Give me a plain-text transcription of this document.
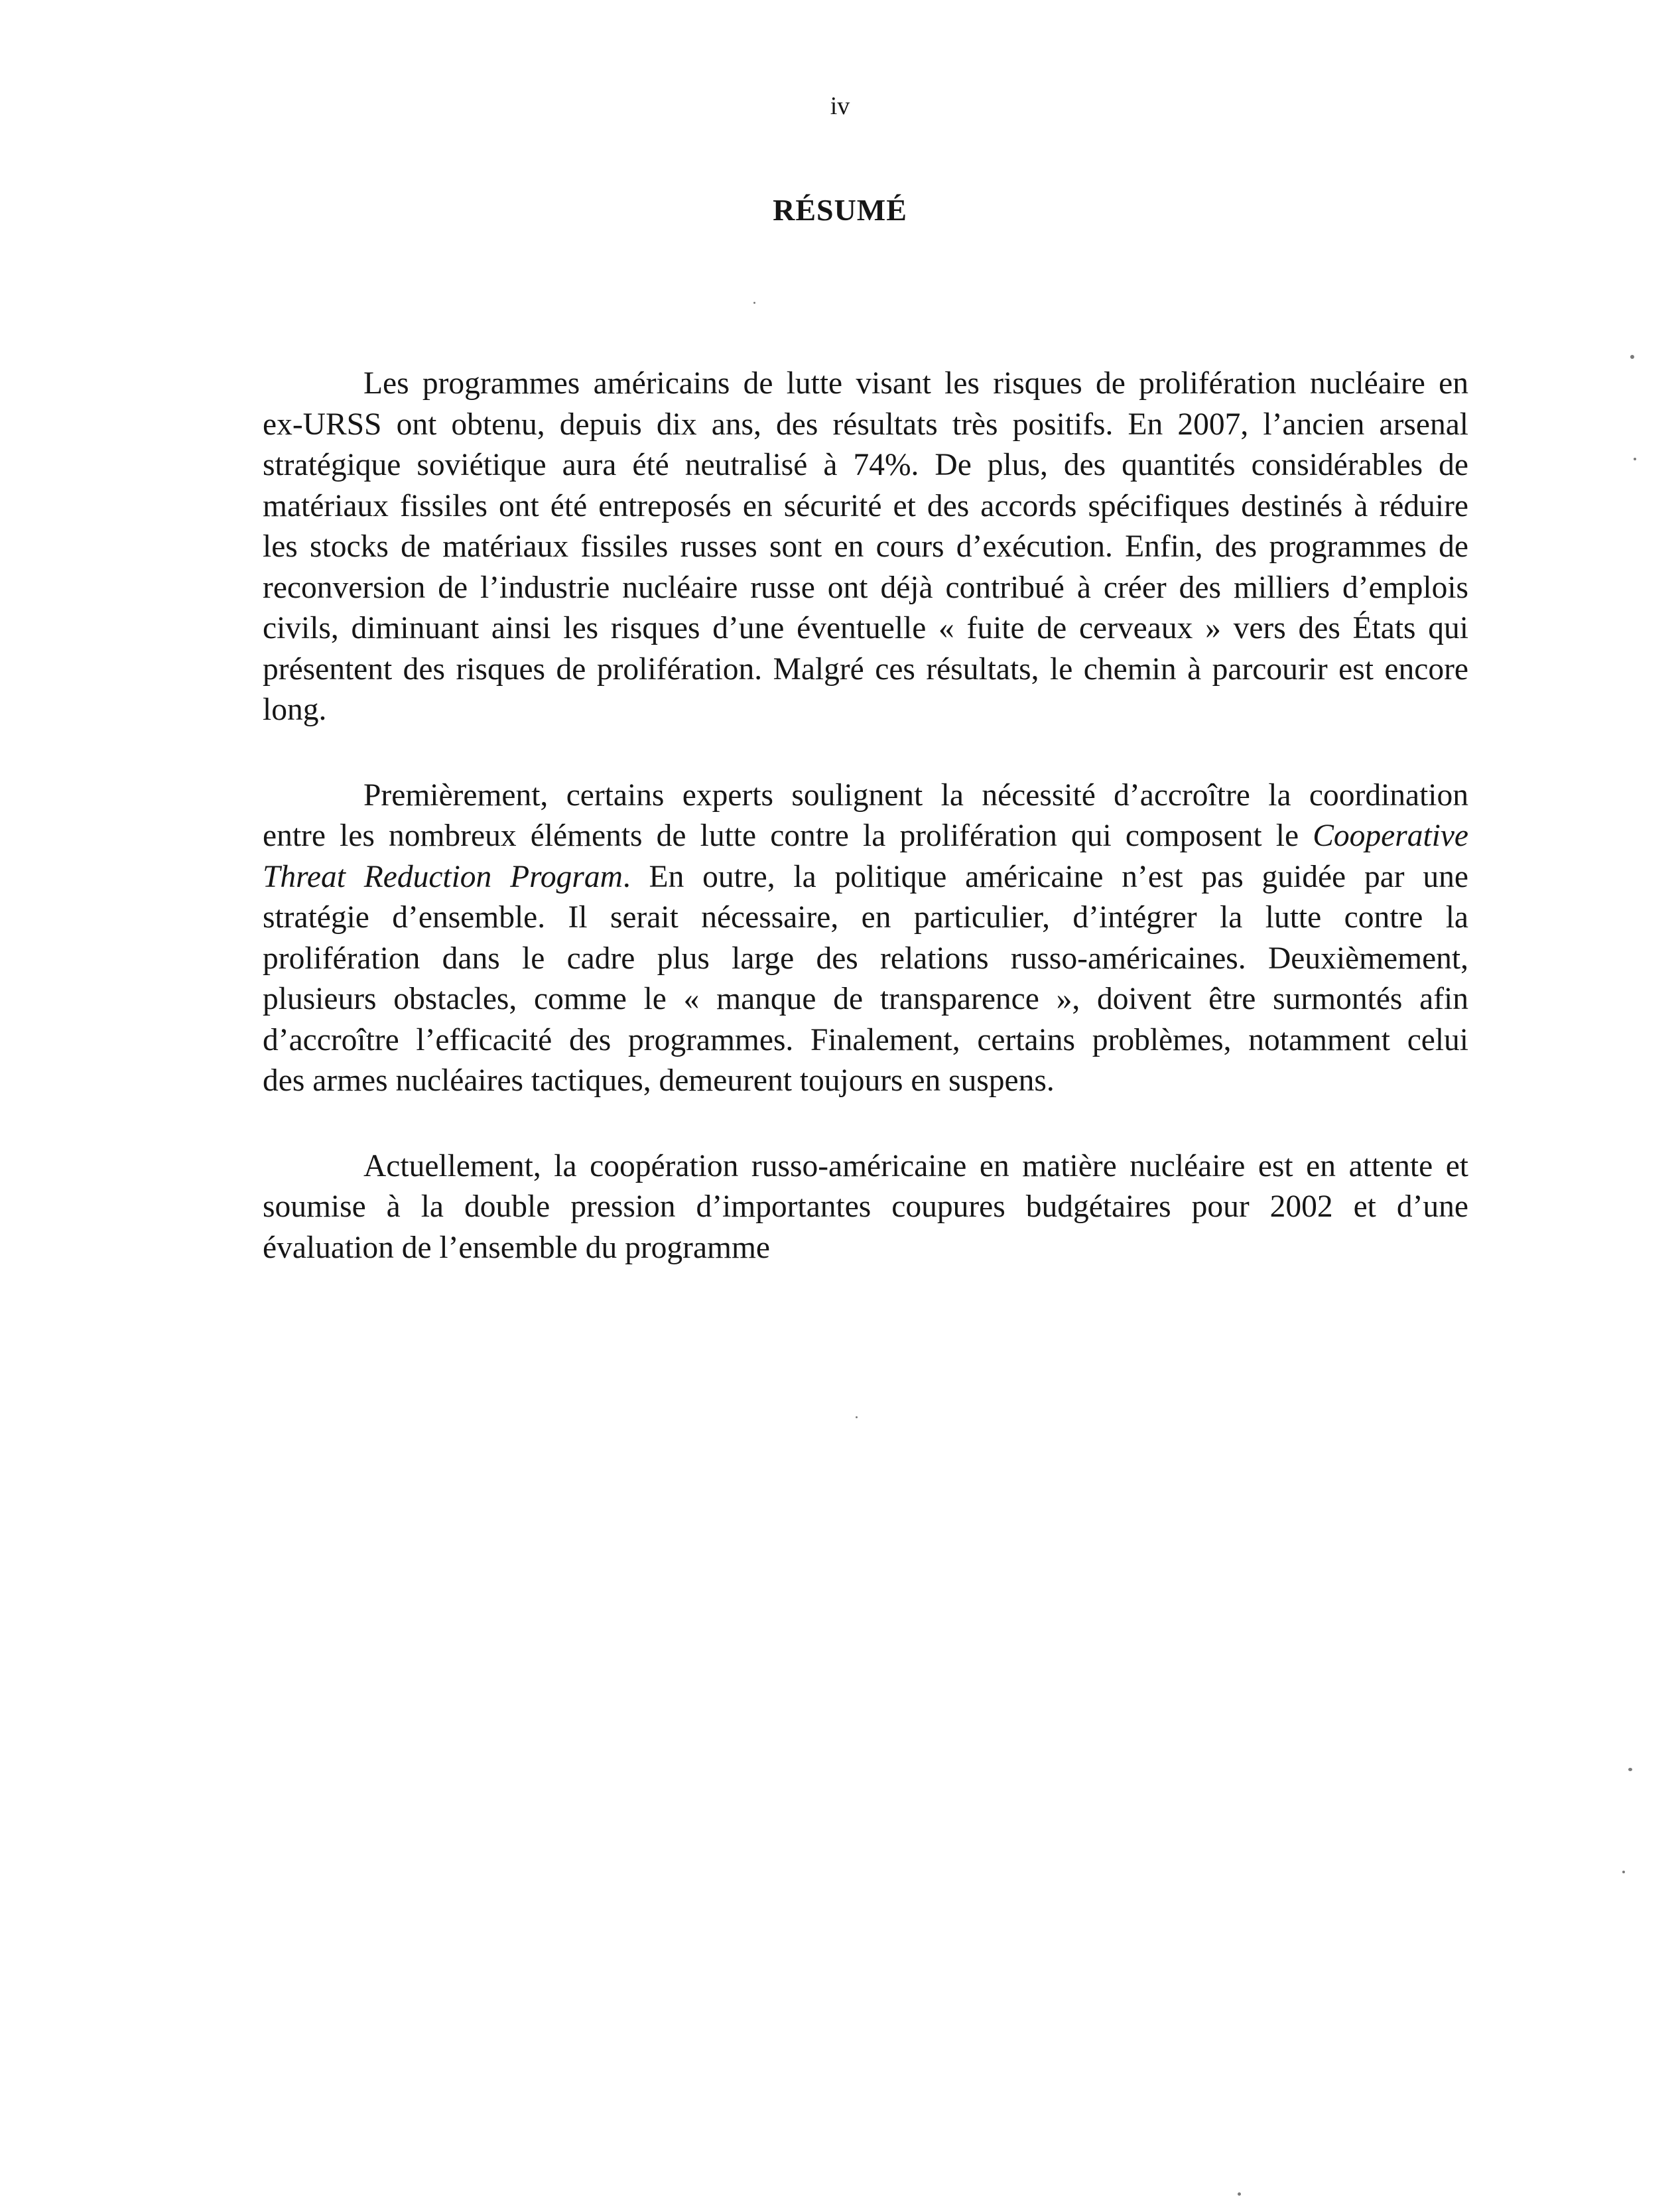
iv
RÉSUMÉ

Les programmes américains de lutte visant les risques de prolifération nucléaire en
ex-URSS ont obtenu, depuis dix ans, des résultats très positifs. En 2007, l’ancien arsenal
stratégique soviétique aura été neutralisé à 74%. De plus, des quantités considérables de
matériaux fissiles ont été entreposés en sécurité et des accords spécifiques destinés à réduire
les stocks de matériaux fissiles russes sont en cours d’exécution. Enfin, des programmes de
reconversion de l’industrie nucléaire russe ont déjà contribué à créer des milliers d’emplois
civils, diminuant ainsi les risques d’une éventuelle « fuite de cerveaux » vers des États qui
présentent des risques de prolifération. Malgré ces résultats, le chemin à parcourir est encore
long.

Premièrement, certains experts soulignent la nécessité d’accroître la coordination
entre les nombreux éléments de lutte contre la prolifération qui composent le Cooperative
Threat Reduction Program. En outre, la politique américaine n’est pas guidée par une
stratégie d’ensemble. Il serait nécessaire, en particulier, d’intégrer la lutte contre la
prolifération dans le cadre plus large des relations russo-américaines. Deuxièmement,
plusieurs obstacles, comme le « manque de transparence », doivent être surmontés afin
d’accroître l’efficacité des programmes. Finalement, certains problèmes, notamment celui
des armes nucléaires tactiques, demeurent toujours en suspens.

Actuellement, la coopération russo-américaine en matière nucléaire est en attente et
soumise à la double pression d’importantes coupures budgétaires pour 2002 et d’une
évaluation de l’ensemble du programme
